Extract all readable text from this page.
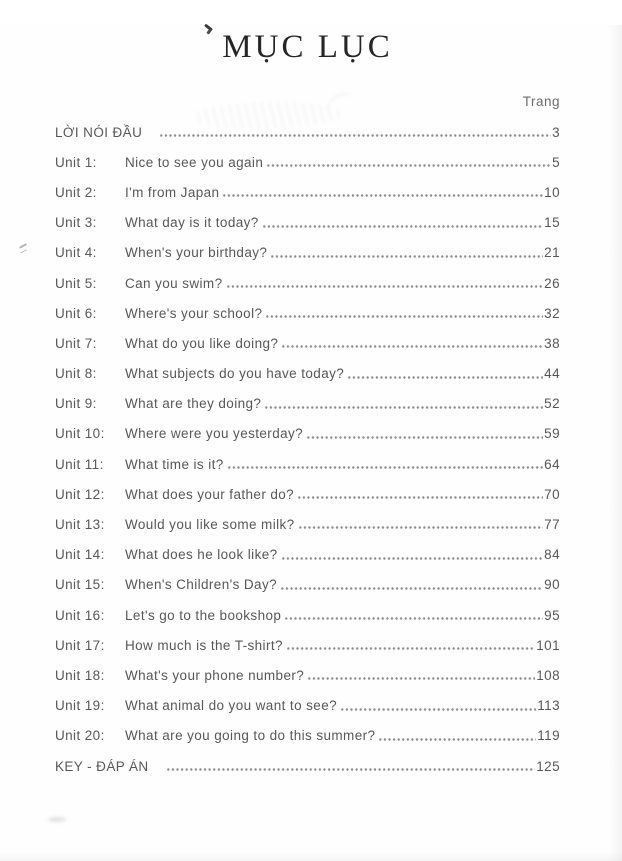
MỤC LỤC
Trang
LỜI NÓI ĐẦU	3
Unit 1:	Nice to see you again	5
Unit 2:	I'm from Japan	10
Unit 3:	What day is it today?	15
Unit 4:	When's your birthday?	21
Unit 5:	Can you swim?	26
Unit 6:	Where's your school?	32
Unit 7:	What do you like doing?	38
Unit 8:	What subjects do you have today?	44
Unit 9:	What are they doing?	52
Unit 10:	Where were you yesterday?	59
Unit 11:	What time is it?	64
Unit 12:	What does your father do?	70
Unit 13:	Would you like some milk?	77
Unit 14:	What does he look like?	84
Unit 15:	When's Children's Day?	90
Unit 16:	Let's go to the bookshop	95
Unit 17:	How much is the T-shirt?	101
Unit 18:	What's your phone number?	108
Unit 19:	What animal do you want to see?	113
Unit 20:	What are you going to do this summer?	119
KEY - ĐÁP ÁN	125
